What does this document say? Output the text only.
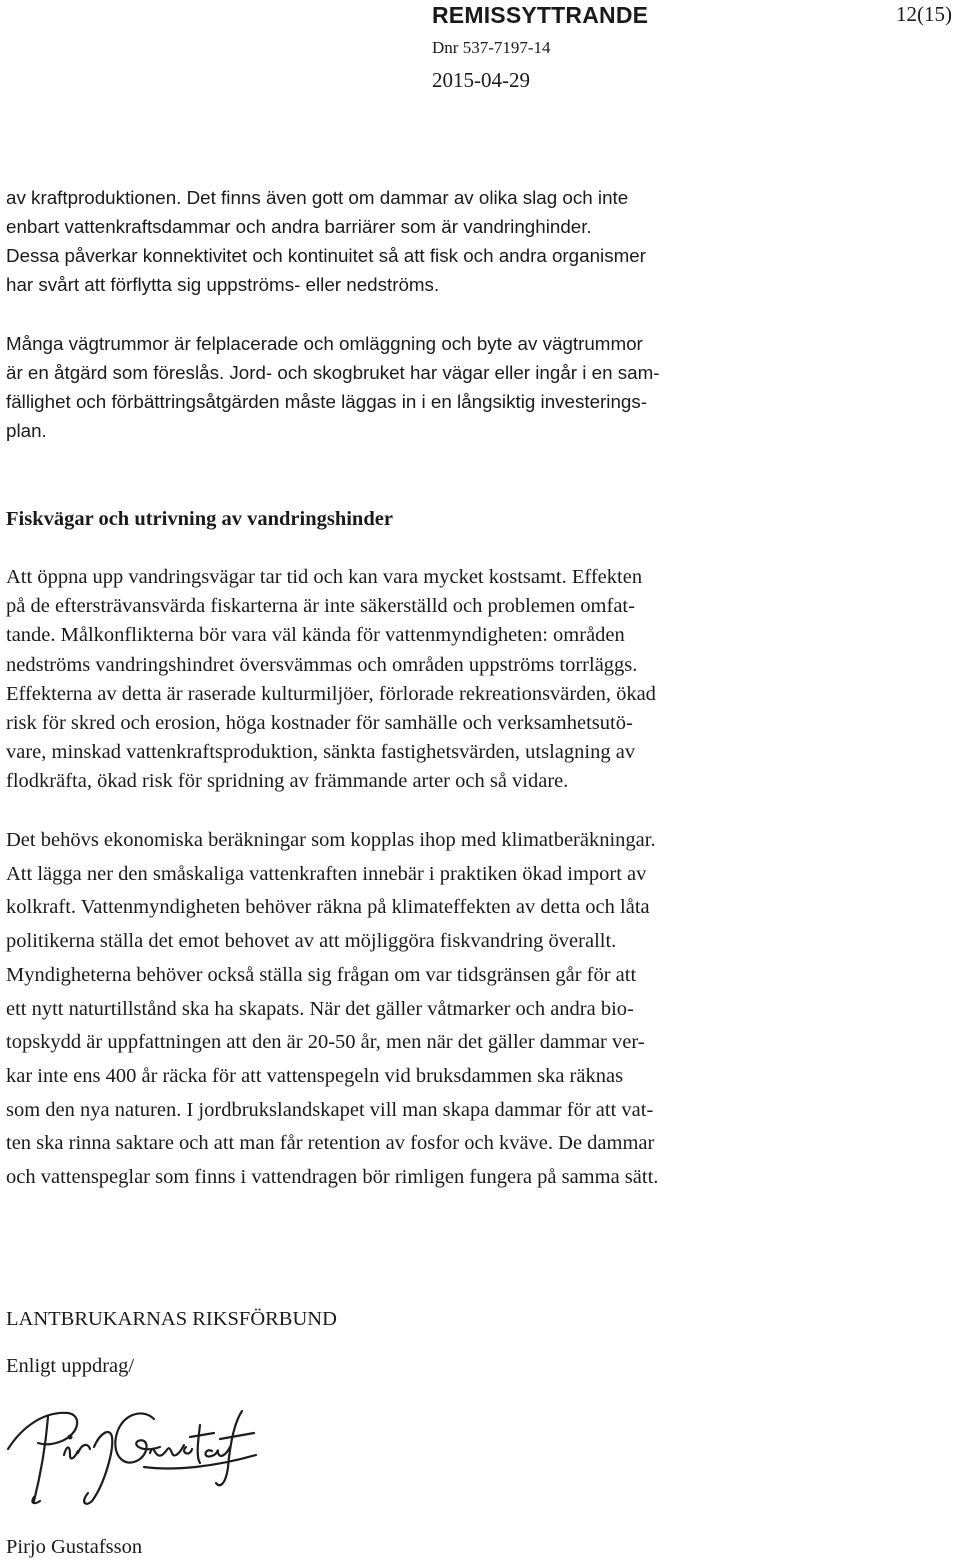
REMISSYTTRANDE	12(15)
Dnr 537-7197-14
2015-04-29
av kraftproduktionen. Det finns även gott om dammar av olika slag och inte
enbart vattenkraftsdammar och andra barriärer som är vandringhinder.
Dessa påverkar konnektivitet och kontinuitet så att fisk och andra organismer
har svårt att förflytta sig uppströms- eller nedströms.
Många vägtrummor är felplacerade och omläggning och byte av vägtrummor
är en åtgärd som föreslås. Jord- och skogbruket har vägar eller ingår i en sam-
fällighet och förbättringsåtgärden måste läggas in i en långsiktig investerings-
plan.
Fiskvägar och utrivning av vandringshinder
Att öppna upp vandringsvägar tar tid och kan vara mycket kostsamt. Effekten
på de eftersträvansvärda fiskarterna är inte säkerställd och problemen omfat-
tande. Målkonflikterna bör vara väl kända för vattenmyndigheten: områden
nedströms vandringshindret översvämmas och områden uppströms torrläggs.
Effekterna av detta är raserade kulturmiljöer, förlorade rekreationsvärden, ökad
risk för skred och erosion, höga kostnader för samhälle och verksamhetsutö-
vare, minskad vattenkraftsproduktion, sänkta fastighetsvärden, utslagning av
flodkräfta, ökad risk för spridning av främmande arter och så vidare.
Det behövs ekonomiska beräkningar som kopplas ihop med klimatberäkningar.
Att lägga ner den småskaliga vattenkraften innebär i praktiken ökad import av
kolkraft. Vattenmyndigheten behöver räkna på klimateffekten av detta och låta
politikerna ställa det emot behovet av att möjliggöra fiskvandring överallt.
Myndigheterna behöver också ställa sig frågan om var tidsgränsen går för att
ett nytt naturtillstånd ska ha skapats. När det gäller våtmarker och andra bio-
topskydd är uppfattningen att den är 20-50 år, men när det gäller dammar ver-
kar inte ens 400 år räcka för att vattenspegeln vid bruksdammen ska räknas
som den nya naturen. I jordbrukslandskapet vill man skapa dammar för att vat-
ten ska rinna saktare och att man får retention av fosfor och kväve. De dammar
och vattenspeglar som finns i vattendragen bör rimligen fungera på samma sätt.
LANTBRUKARNAS RIKSFÖRBUND
Enligt uppdrag/
Pirjo Gustafsson
